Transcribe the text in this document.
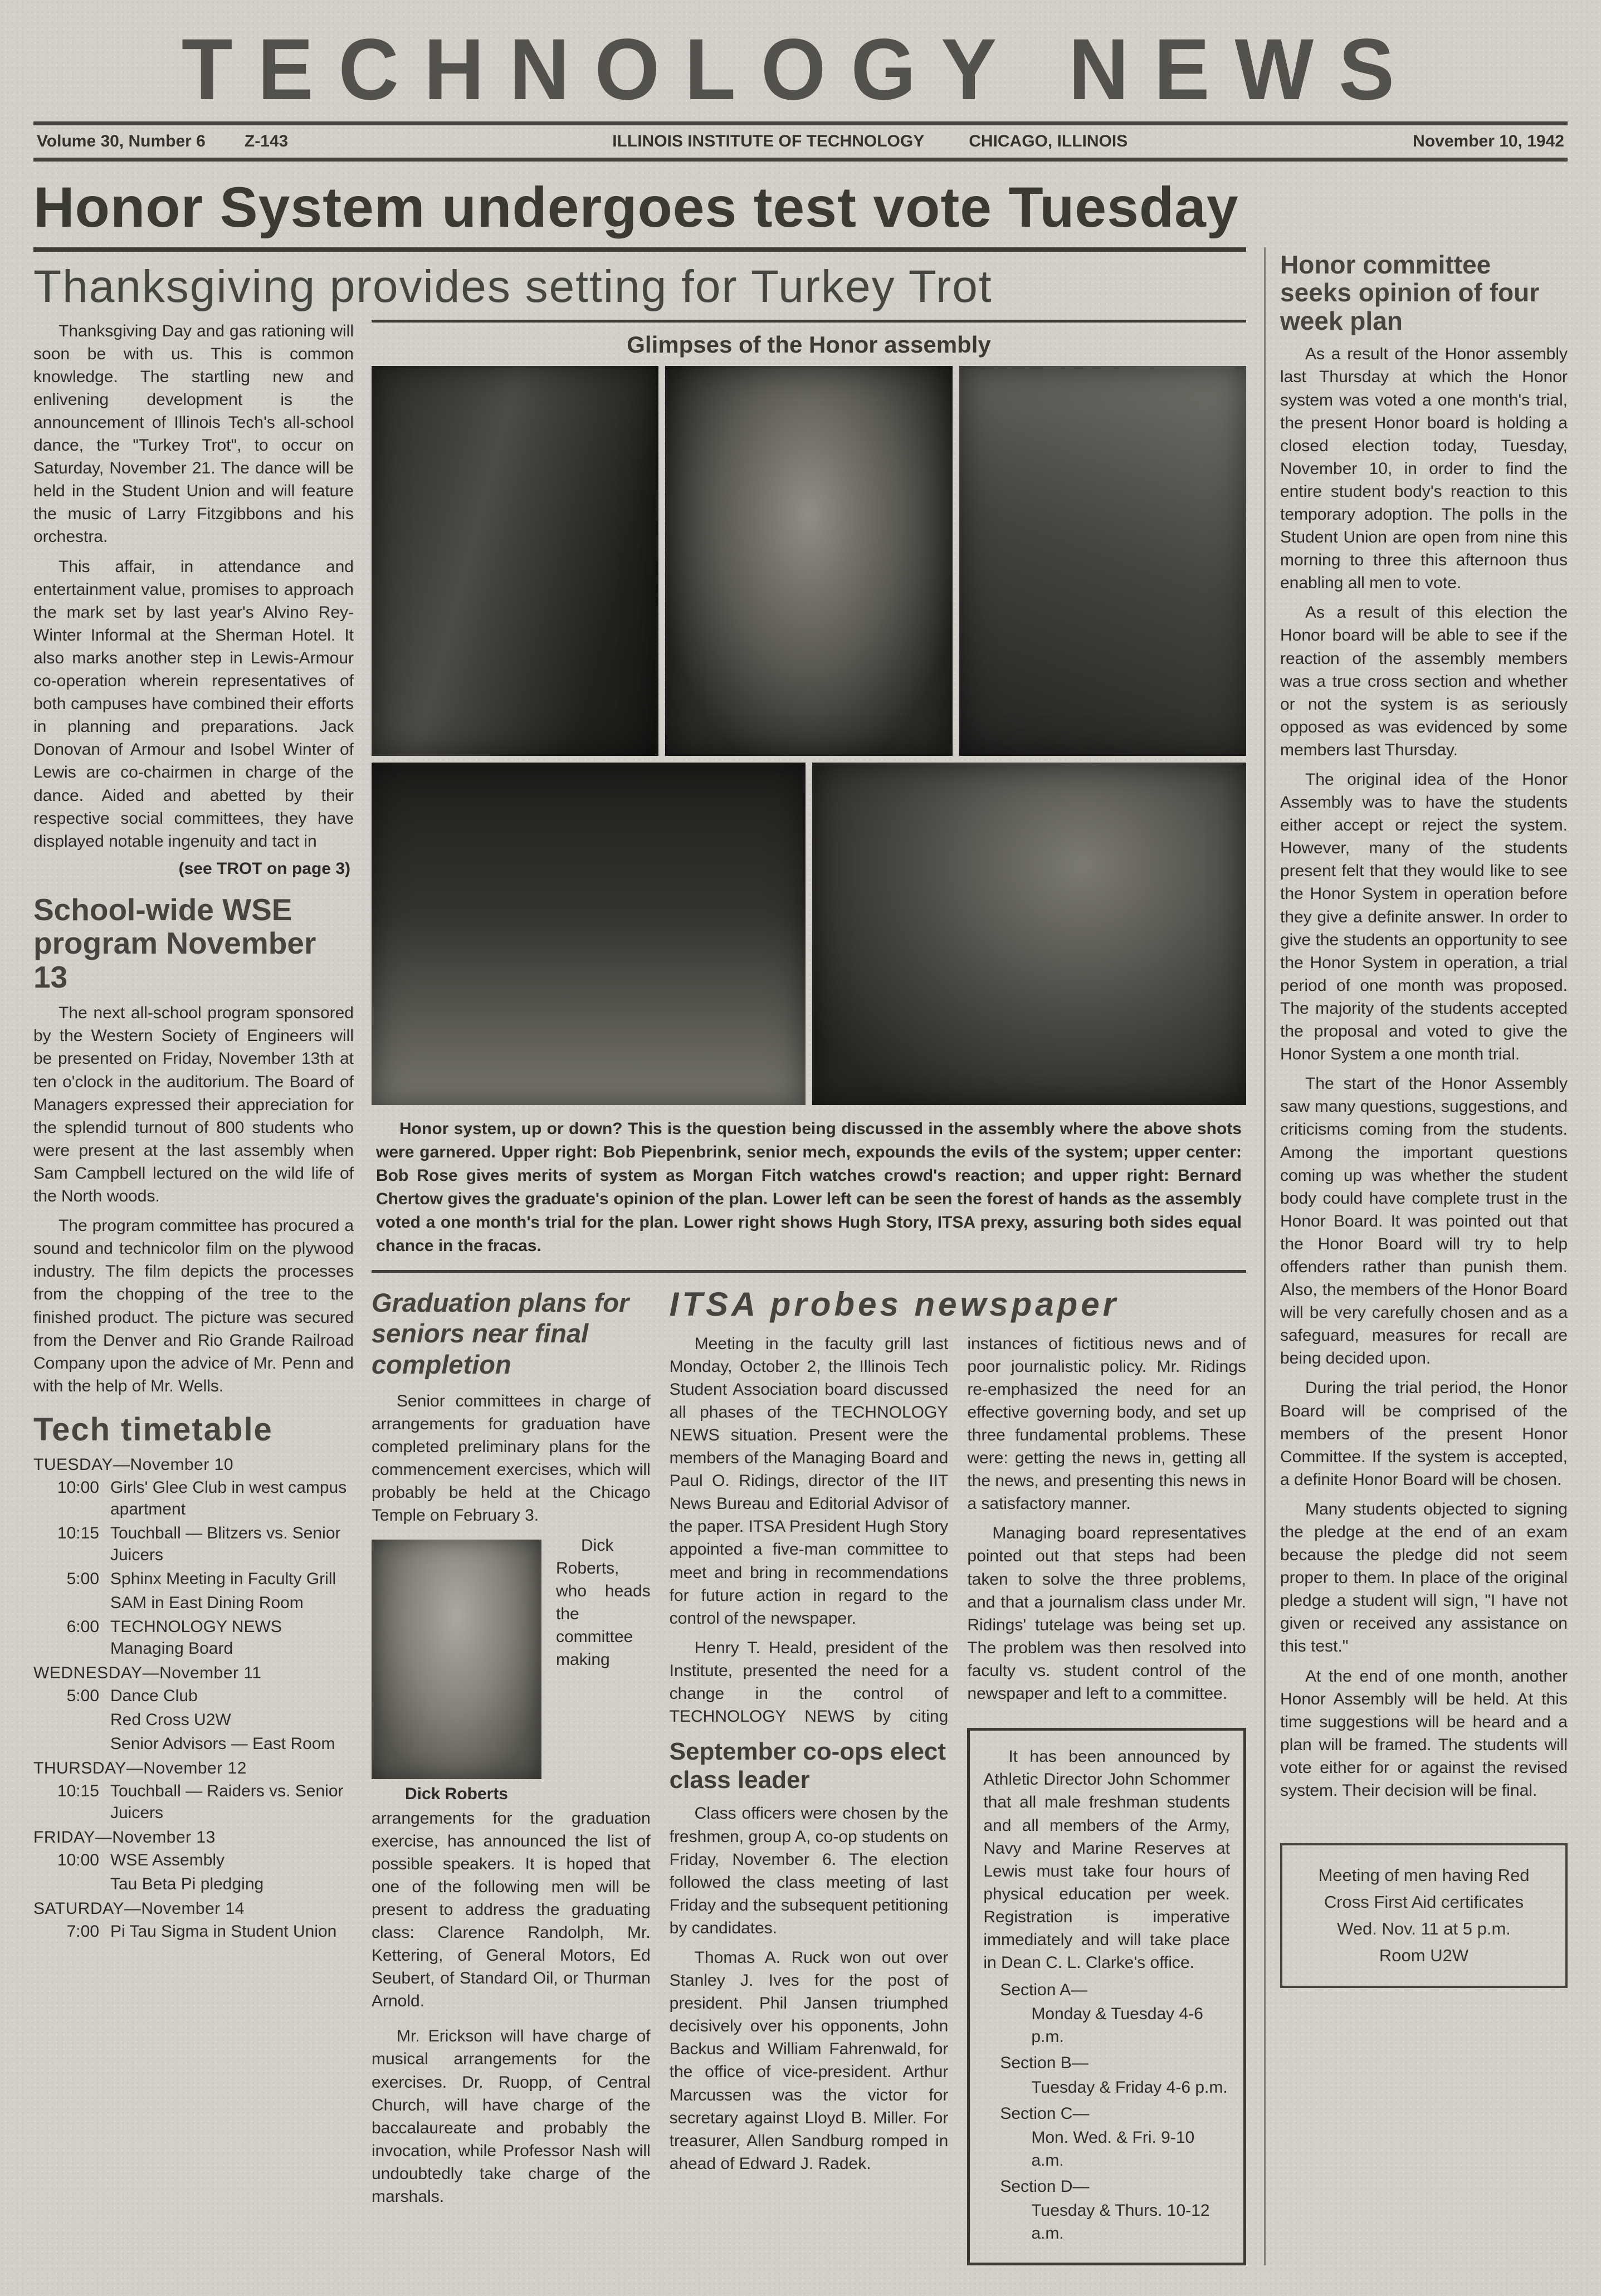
TECHNOLOGY NEWS
Volume 30, Number 6 Z-143	ILLINOIS INSTITUTE OF TECHNOLOGY	CHICAGO, ILLINOIS	November 10, 1942
Honor System undergoes test vote Tuesday
Thanksgiving provides setting for Turkey Trot

Thanksgiving Day and gas rationing will soon be with us. This is common knowledge. The startling new and enlivening development is the announcement of Illinois Tech's all-school dance, the "Turkey Trot", to occur on Saturday, November 21. The dance will be held in the Student Union and will feature the music of Larry Fitzgibbons and his orchestra.

This affair, in attendance and entertainment value, promises to approach the mark set by last year's Alvino Rey-Winter Informal at the Sherman Hotel. It also marks another step in Lewis-Armour co-operation wherein representatives of both campuses have combined their efforts in planning and preparations. Jack Donovan of Armour and Isobel Winter of Lewis are co-chairmen in charge of the dance. Aided and abetted by their respective social committees, they have displayed notable ingenuity and tact in

(see TROT on page 3)

School-wide WSE program November 13

The next all-school program sponsored by the Western Society of Engineers will be presented on Friday, November 13th at ten o'clock in the auditorium. The Board of Managers expressed their appreciation for the splendid turnout of 800 students who were present at the last assembly when Sam Campbell lectured on the wild life of the North woods.

The program committee has procured a sound and technicolor film on the plywood industry. The film depicts the processes from the chopping of the tree to the finished product. The picture was secured from the Denver and Rio Grande Railroad Company upon the advice of Mr. Penn and with the help of Mr. Wells.

Tech timetable
TUESDAY—November 10
10:00 Girls' Glee Club in west campus apartment
10:15 Touchball — Blitzers vs. Senior Juicers
5:00 Sphinx Meeting in Faculty Grill
SAM in East Dining Room
6:00 TECHNOLOGY NEWS Managing Board
WEDNESDAY—November 11
5:00 Dance Club
Red Cross U2W
Senior Advisors — East Room
THURSDAY—November 12
10:15 Touchball — Raiders vs. Senior Juicers
FRIDAY—November 13
10:00 WSE Assembly
Tau Beta Pi pledging
SATURDAY—November 14
7:00 Pi Tau Sigma in Student Union
Glimpses of the Honor assembly

Honor system, up or down? This is the question being discussed in the assembly where the above shots were garnered. Upper right: Bob Piepenbrink, senior mech, expounds the evils of the system; upper center: Bob Rose gives merits of system as Morgan Fitch watches crowd's reaction; and upper right: Bernard Chertow gives the graduate's opinion of the plan. Lower left can be seen the forest of hands as the assembly voted a one month's trial for the plan. Lower right shows Hugh Story, ITSA prexy, assuring both sides equal chance in the fracas.

Graduation plans for seniors near final completion

Senior committees in charge of arrangements for graduation have completed preliminary plans for the commencement exercises, which will probably be held at the Chicago Temple on February 3.

Dick Roberts

Dick Roberts, who heads the committee making arrangements for the graduation exercise, has announced the list of possible speakers. It is hoped that one of the following men will be present to address the graduating class: Clarence Randolph, Mr. Kettering, of General Motors, Ed Seubert, of Standard Oil, or Thurman Arnold.

Mr. Erickson will have charge of musical arrangements for the exercises. Dr. Ruopp, of Central Church, will have charge of the baccalaureate and probably the invocation, while Professor Nash will undoubtedly take charge of the marshals.

ITSA probes newspaper

Meeting in the faculty grill last Monday, October 2, the Illinois Tech Student Association board discussed all phases of the TECHNOLOGY NEWS situation. Present were the members of the Managing Board and Paul O. Ridings, director of the IIT News Bureau and Editorial Advisor of the paper. ITSA President Hugh Story appointed a five-man committee to meet and bring in recommendations for future action in regard to the control of the newspaper.

Henry T. Heald, president of the Institute, presented the need for a change in the control of TECHNOLOGY NEWS by citing instances of fictitious news and of poor journalistic policy. Mr. Ridings re-emphasized the need for an effective governing body, and set up three fundamental problems. These were: getting the news in, getting all the news, and presenting this news in a satisfactory manner.

Managing board representatives pointed out that steps had been taken to solve the three problems, and that a journalism class under Mr. Ridings' tutelage was being set up. The problem was then resolved into faculty vs. student control of the newspaper and left to a committee.

September co-ops elect class leader

Class officers were chosen by the freshmen, group A, co-op students on Friday, November 6. The election followed the class meeting of last Friday and the subsequent petitioning by candidates.

Thomas A. Ruck won out over Stanley J. Ives for the post of president. Phil Jansen triumphed decisively over his opponents, John Backus and William Fahrenwald, for the office of vice-president. Arthur Marcussen was the victor for secretary against Lloyd B. Miller. For treasurer, Allen Sandburg romped in ahead of Edward J. Radek.

It has been announced by Athletic Director John Schommer that all male freshman students and all members of the Army, Navy and Marine Reserves at Lewis must take four hours of physical education per week. Registration is imperative immediately and will take place in Dean C. L. Clarke's office.

Section A—
Monday & Tuesday 4-6 p.m.
Section B—
Tuesday & Friday 4-6 p.m.
Section C—
Mon. Wed. & Fri. 9-10 a.m.
Section D—
Tuesday & Thurs. 10-12 a.m.
Honor committee seeks opinion of four week plan

As a result of the Honor assembly last Thursday at which the Honor system was voted a one month's trial, the present Honor board is holding a closed election today, Tuesday, November 10, in order to find the entire student body's reaction to this temporary adoption. The polls in the Student Union are open from nine this morning to three this afternoon thus enabling all men to vote.

As a result of this election the Honor board will be able to see if the reaction of the assembly members was a true cross section and whether or not the system is as seriously opposed as was evidenced by some members last Thursday.

The original idea of the Honor Assembly was to have the students either accept or reject the system. However, many of the students present felt that they would like to see the Honor System in operation before they give a definite answer. In order to give the students an opportunity to see the Honor System in operation, a trial period of one month was proposed. The majority of the students accepted the proposal and voted to give the Honor System a one month trial.

The start of the Honor Assembly saw many questions, suggestions, and criticisms coming from the students. Among the important questions coming up was whether the student body could have complete trust in the Honor Board. It was pointed out that the Honor Board will try to help offenders rather than punish them. Also, the members of the Honor Board will be very carefully chosen and as a safeguard, measures for recall are being decided upon.

During the trial period, the Honor Board will be comprised of the members of the present Honor Committee. If the system is accepted, a definite Honor Board will be chosen.

Many students objected to signing the pledge at the end of an exam because the pledge did not seem proper to them. In place of the original pledge a student will sign, "I have not given or received any assistance on this test."

At the end of one month, another Honor Assembly will be held. At this time suggestions will be heard and a plan will be framed. The students will vote either for or against the revised system. Their decision will be final.

Meeting of men having Red Cross First Aid certificates
Wed. Nov. 11 at 5 p.m.
Room U2W
